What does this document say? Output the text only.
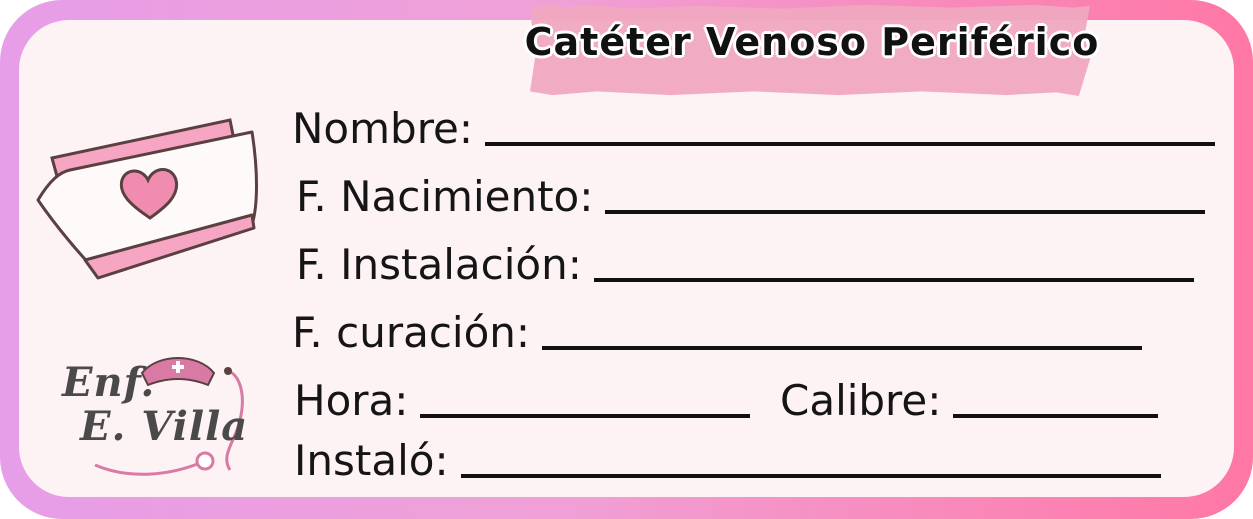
Catéter Venoso Periférico
Enf.
E. Villa
Nombre:
F. Nacimiento:
F. Instalación:
F. curación:
Hora:	Calibre:
Instaló:
